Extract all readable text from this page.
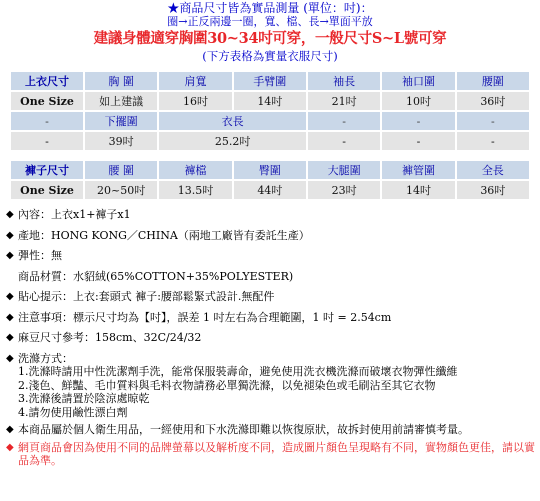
★商品尺寸皆為實品測量 (單位：吋)：
圈→正反兩邊一圈，寬、檔、長→單面平放
建議身體適穿胸圍30~34吋可穿，一般尺寸S~L號可穿
(下方表格為實量衣服尺寸)
上衣尺寸	胸 圍	肩寬	手臂圍	袖長	袖口圍	腰圍
One Size	如上建議	16吋	14吋	21吋	10吋	36吋
-	下擺圍	衣長		-	-	-
-	39吋	25.2吋		-	-	-
褲子尺寸	腰 圍	褲檔	臀圍	大腿圍	褲管圍	全長
One Size	20~50吋	13.5吋	44吋	23吋	14吋	36吋
◆ 內容：上衣x1+褲子x1
◆ 產地：HONG KONG／CHINA（兩地工廠皆有委託生產）
◆ 彈性：無
商品材質：水貂絨(65%COTTON+35%POLYESTER)
◆ 貼心提示：上衣:套頭式 褲子:腰部鬆緊式設計.無配件
◆ 注意事項：標示尺寸均為【吋】，誤差 1 吋左右為合理範圍，1 吋 = 2.54cm
◆ 麻豆尺寸參考：158cm、32C/24/32
◆ 洗滌方式：
1.洗滌時請用中性洗潔劑手洗，能常保服裝壽命，避免使用洗衣機洗滌而破壞衣物彈性纖維
2.淺色、鮮豔、毛巾質料與毛料衣物請務必單獨洗滌，以免褪染色或毛刷沾至其它衣物
3.洗滌後請置於陰涼處晾乾
4.請勿使用鹼性漂白劑
◆ 本商品屬於個人衛生用品，一經使用和下水洗滌即難以恢復原狀，故拆封使用前請審慎考量。
◆ 網頁商品會因為使用不同的品牌螢幕以及解析度不同，造成圖片顏色呈現略有不同，實物顏色更佳，請以實品為準。
